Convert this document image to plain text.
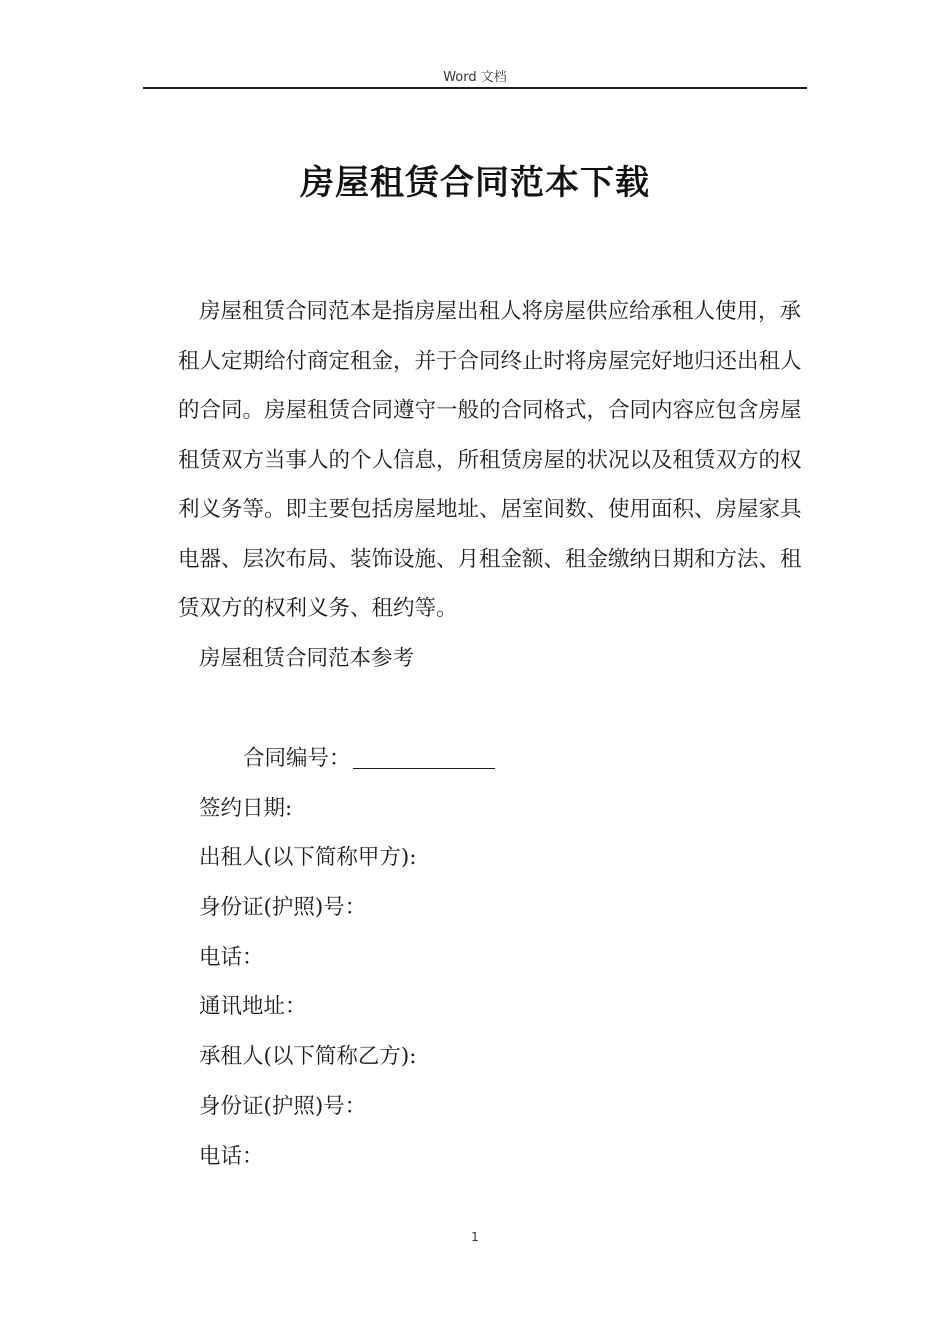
Word 文档
房屋租赁合同范本下载

房屋租赁合同范本是指房屋出租人将房屋供应给承租人使用，承租人定期给付商定租金，并于合同终止时将房屋完好地归还出租人的合同。房屋租赁合同遵守一般的合同格式，合同内容应包含房屋租赁双方当事人的个人信息，所租赁房屋的状况以及租赁双方的权利义务等。即主要包括房屋地址、居室间数、使用面积、房屋家具电器、层次布局、装饰设施、月租金额、租金缴纳日期和方法、租赁双方的权利义务、租约等。

房屋租赁合同范本参考
合同编号：
签约日期:
出租人(以下简称甲方):
身份证(护照)号：
电话：
通讯地址：
承租人(以下简称乙方):
身份证(护照)号：
电话：
1
